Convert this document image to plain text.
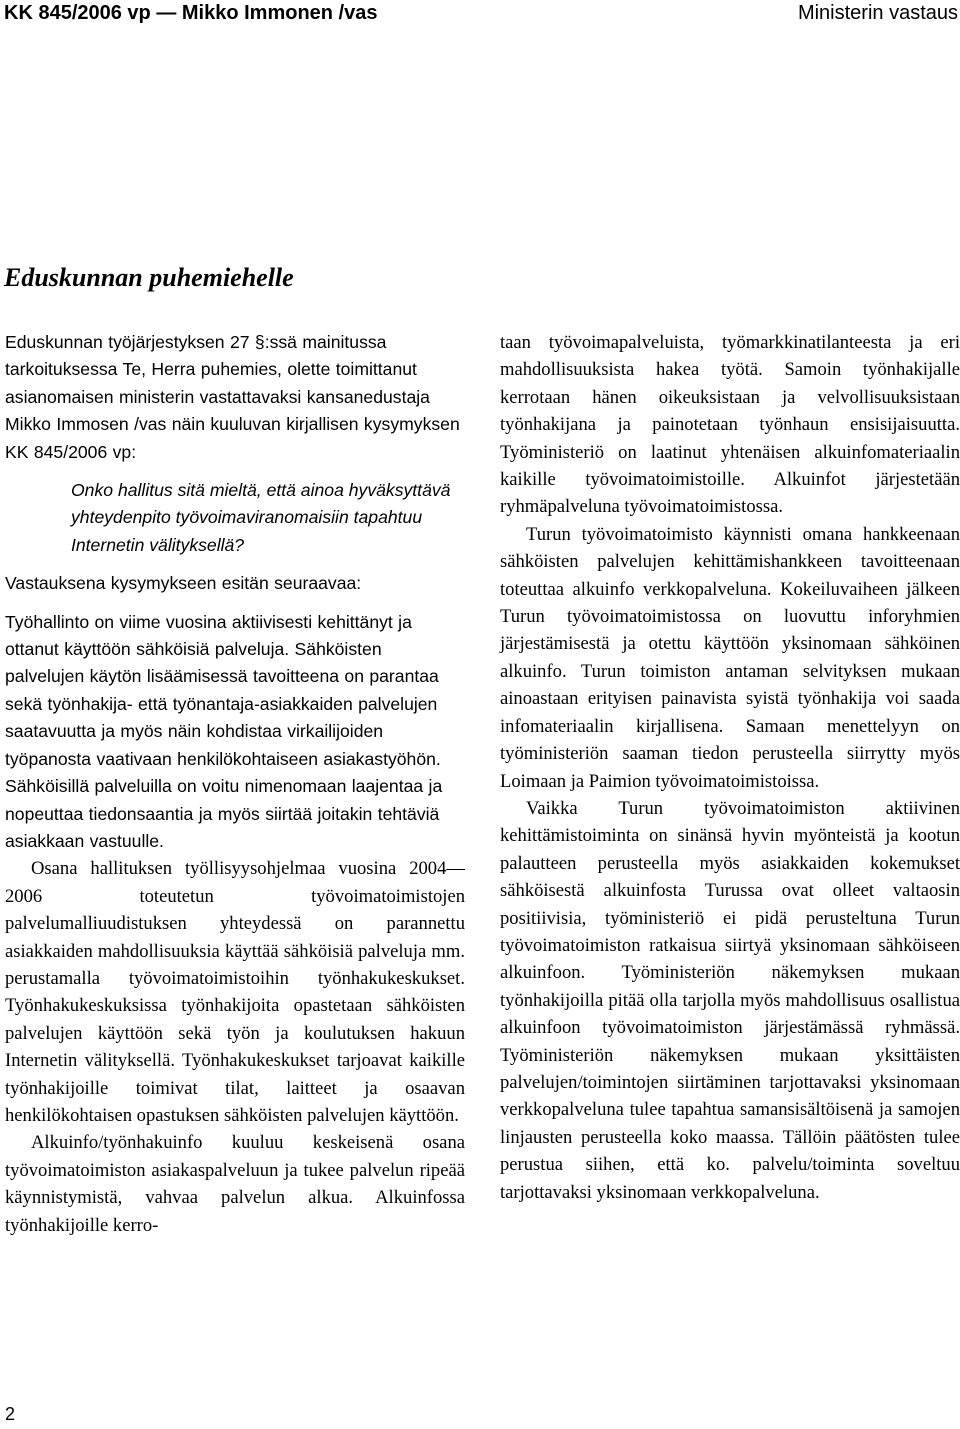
KK 845/2006 vp — Mikko Immonen /vas	Ministerin vastaus
Eduskunnan puhemiehelle

Eduskunnan työjärjestyksen 27 §:ssä mainitussa tarkoituksessa Te, Herra puhemies, olette toimittanut asianomaisen ministerin vastattavaksi kansanedustaja Mikko Immosen /vas näin kuuluvan kirjallisen kysymyksen KK 845/2006 vp:

Onko hallitus sitä mieltä, että ainoa hyväksyttävä yhteydenpito työvoimaviranomaisiin tapahtuu Internetin välityksellä?

Vastauksena kysymykseen esitän seuraavaa:

Työhallinto on viime vuosina aktiivisesti kehittänyt ja ottanut käyttöön sähköisiä palveluja. Sähköisten palvelujen käytön lisäämisessä tavoitteena on parantaa sekä työnhakija- että työnantaja-asiakkaiden palvelujen saatavuutta ja myös näin kohdistaa virkailijoiden työpanosta vaativaan henkilökohtaiseen asiakastyöhön. Sähköisillä palveluilla on voitu nimenomaan laajentaa ja nopeuttaa tiedonsaantia ja myös siirtää joitakin tehtäviä asiakkaan vastuulle.

Osana hallituksen työllisyysohjelmaa vuosina 2004—2006 toteutetun työvoimatoimistojen palvelumalliuudistuksen yhteydessä on parannettu asiakkaiden mahdollisuuksia käyttää sähköisiä palveluja mm. perustamalla työvoimatoimistoihin työnhakukeskukset. Työnhakukeskuksissa työnhakijoita opastetaan sähköisten palvelujen käyttöön sekä työn ja koulutuksen hakuun Internetin välityksellä. Työnhakukeskukset tarjoavat kaikille työnhakijoille toimivat tilat, laitteet ja osaavan henkilökohtaisen opastuksen sähköisten palvelujen käyttöön.

Alkuinfo/työnhakuinfo kuuluu keskeisenä osana työvoimatoimiston asiakaspalveluun ja tukee palvelun ripeää käynnistymistä, vahvaa palvelun alkua. Alkuinfossa työnhakijoille kerro-

taan työvoimapalveluista, työmarkkinatilanteesta ja eri mahdollisuuksista hakea työtä. Samoin työnhakijalle kerrotaan hänen oikeuksistaan ja velvollisuuksistaan työnhakijana ja painotetaan työnhaun ensisijaisuutta. Työministeriö on laatinut yhtenäisen alkuinfomateriaalin kaikille työvoimatoimistoille. Alkuinfot järjestetään ryhmäpalveluna työvoimatoimistossa.

Turun työvoimatoimisto käynnisti omana hankkeenaan sähköisten palvelujen kehittämishankkeen tavoitteenaan toteuttaa alkuinfo verkkopalveluna. Kokeiluvaiheen jälkeen Turun työvoimatoimistossa on luovuttu inforyhmien järjestämisestä ja otettu käyttöön yksinomaan sähköinen alkuinfo. Turun toimiston antaman selvityksen mukaan ainoastaan erityisen painavista syistä työnhakija voi saada infomateriaalin kirjallisena. Samaan menettelyyn on työministeriön saaman tiedon perusteella siirrytty myös Loimaan ja Paimion työvoimatoimistoissa.

Vaikka Turun työvoimatoimiston aktiivinen kehittämistoiminta on sinänsä hyvin myönteistä ja kootun palautteen perusteella myös asiakkaiden kokemukset sähköisestä alkuinfosta Turussa ovat olleet valtaosin positiivisia, työministeriö ei pidä perusteltuna Turun työvoimatoimiston ratkaisua siirtyä yksinomaan sähköiseen alkuinfoon. Työministeriön näkemyksen mukaan työnhakijoilla pitää olla tarjolla myös mahdollisuus osallistua alkuinfoon työvoimatoimiston järjestämässä ryhmässä. Työministeriön näkemyksen mukaan yksittäisten palvelujen/toimintojen siirtäminen tarjottavaksi yksinomaan verkkopalveluna tulee tapahtua samansisältöisenä ja samojen linjausten perusteella koko maassa. Tällöin päätösten tulee perustua siihen, että ko. palvelu/toiminta soveltuu tarjottavaksi yksinomaan verkkopalveluna.

2
